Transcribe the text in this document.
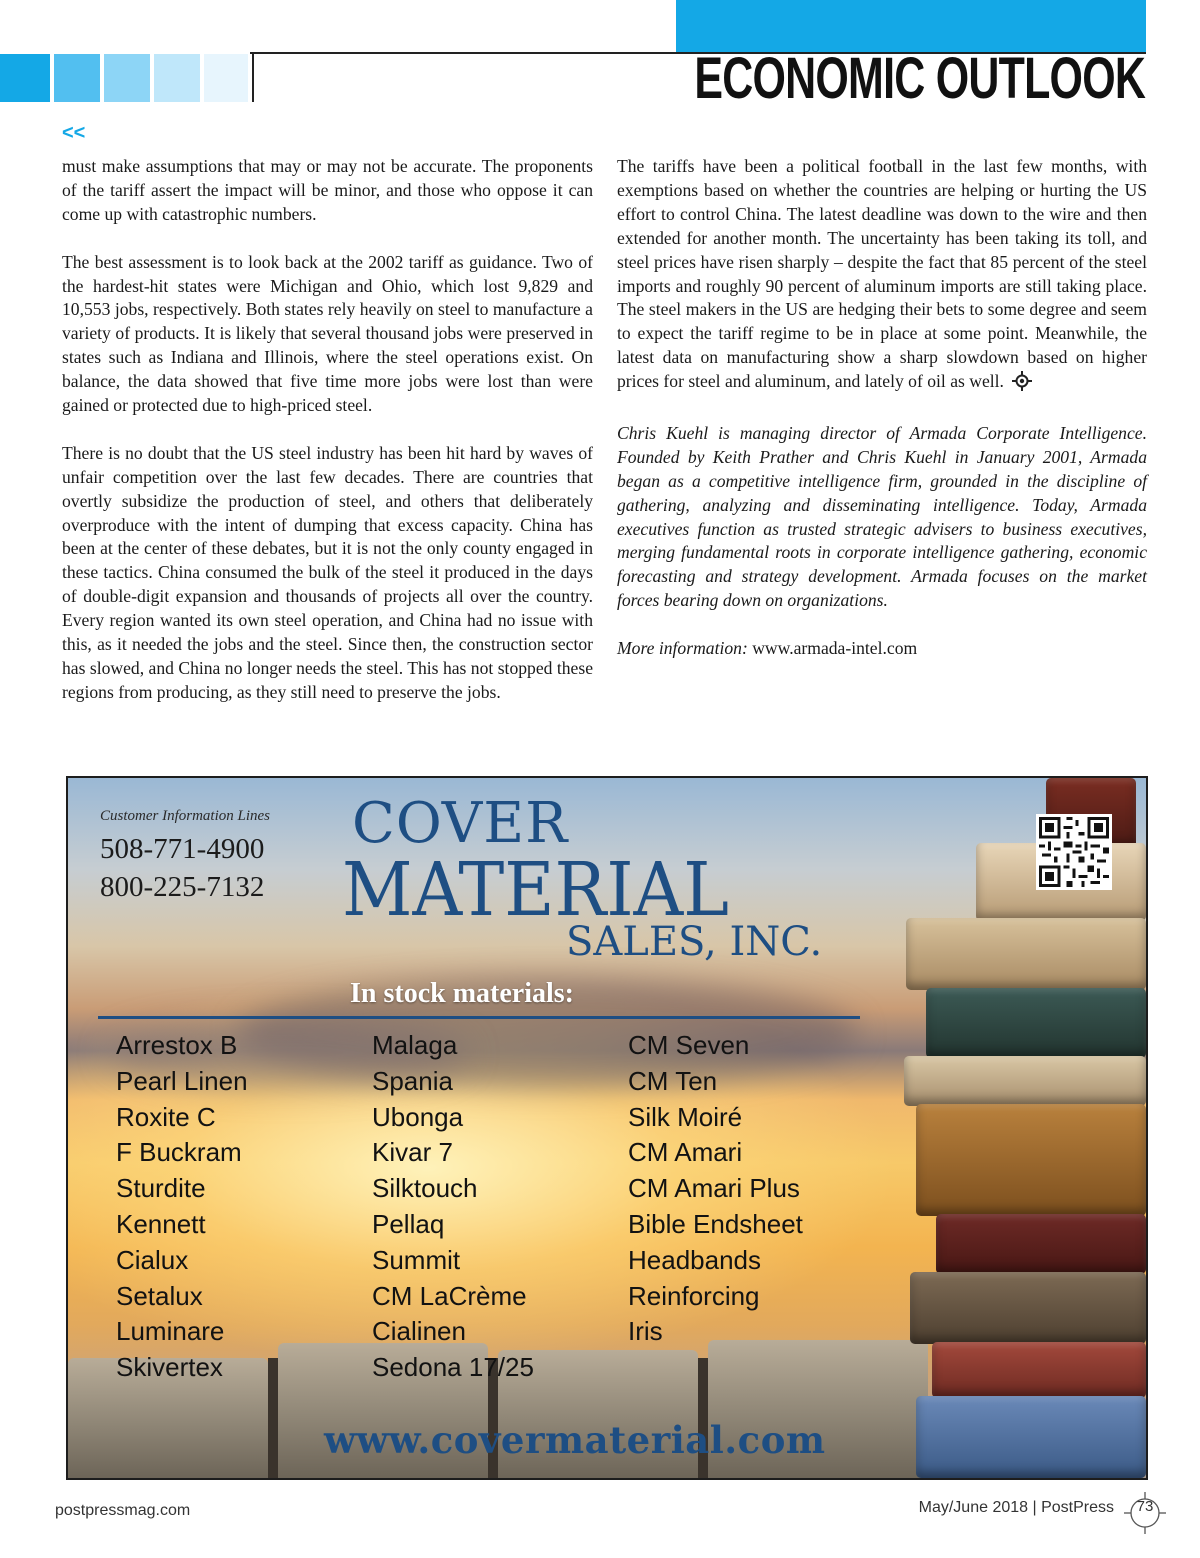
ECONOMIC OUTLOOK
<<

must make assumptions that may or may not be accurate. The proponents of the tariff assert the impact will be minor, and those who oppose it can come up with catastrophic numbers.

The best assessment is to look back at the 2002 tariff as guidance. Two of the hardest-hit states were Michigan and Ohio, which lost 9,829 and 10,553 jobs, respectively. Both states rely heavily on steel to manufacture a variety of products. It is likely that several thousand jobs were preserved in states such as Indiana and Illinois, where the steel operations exist. On balance, the data showed that five time more jobs were lost than were gained or protected due to high-priced steel.

There is no doubt that the US steel industry has been hit hard by waves of unfair competition over the last few decades. There are countries that overtly subsidize the production of steel, and others that deliberately overproduce with the intent of dumping that excess capacity. China has been at the center of these debates, but it is not the only county engaged in these tactics. China consumed the bulk of the steel it produced in the days of double-digit expansion and thousands of projects all over the country. Every region wanted its own steel operation, and China had no issue with this, as it needed the jobs and the steel. Since then, the construction sector has slowed, and China no longer needs the steel. This has not stopped these regions from producing, as they still need to preserve the jobs.

The tariffs have been a political football in the last few months, with exemptions based on whether the countries are helping or hurting the US effort to control China. The latest deadline was down to the wire and then extended for another month. The uncertainty has been taking its toll, and steel prices have risen sharply – despite the fact that 85 percent of the steel imports and roughly 90 percent of aluminum imports are still taking place. The steel makers in the US are hedging their bets to some degree and seem to expect the tariff regime to be in place at some point. Meanwhile, the latest data on manufacturing show a sharp slowdown based on higher prices for steel and aluminum, and lately of oil as well.

Chris Kuehl is managing director of Armada Corporate Intelligence. Founded by Keith Prather and Chris Kuehl in January 2001, Armada began as a competitive intelligence firm, grounded in the discipline of gathering, analyzing and disseminating intelligence. Today, Armada executives function as trusted strategic advisers to business executives, merging fundamental roots in corporate intelligence gathering, economic forecasting and strategy development. Armada focuses on the market forces bearing down on organizations.

More information: www.armada-intel.com

Customer Information Lines
508-771-4900
800-225-7132
COVER
MATERIAL
SALES, INC.
In stock materials:
Arrestox B
Pearl Linen
Roxite C
F Buckram
Sturdite
Kennett
Cialux
Setalux
Luminare
Skivertex
Malaga
Spania
Ubonga
Kivar 7
Silktouch
Pellaq
Summit
CM LaCrème
Cialinen
Sedona 17/25
CM Seven
CM Ten
Silk Moiré
CM Amari
CM Amari Plus
Bible Endsheet
Headbands
Reinforcing
Iris
www.covermaterial.com
postpressmag.com	May/June 2018 | PostPress	73
